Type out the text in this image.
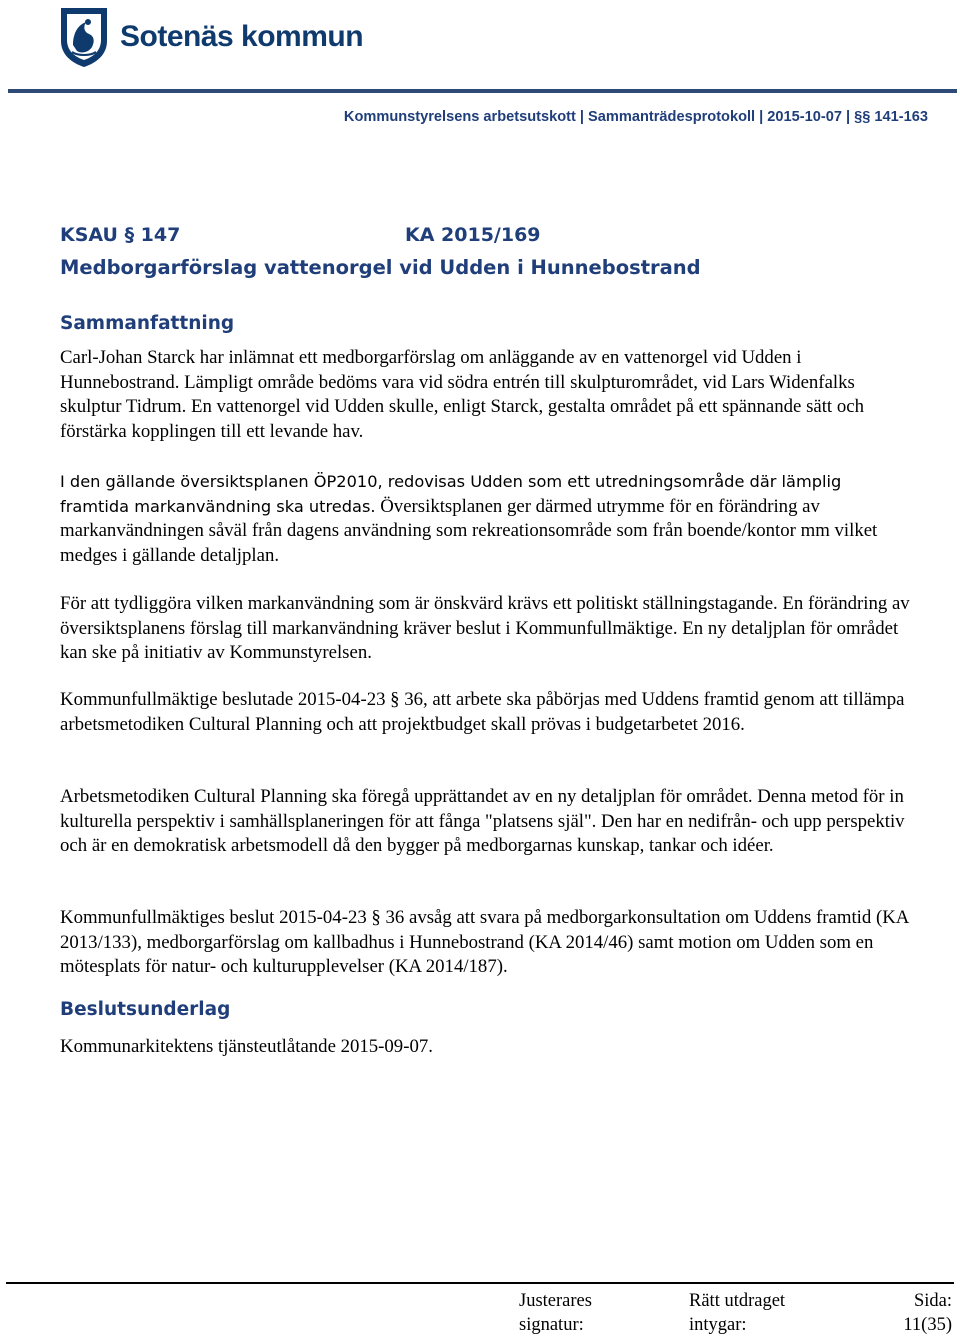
Sotenäs kommun
Kommunstyrelsens arbetsutskott | Sammanträdesprotokoll | 2015-10-07 | §§ 141-163
KSAU § 147	KA 2015/169
Medborgarförslag vattenorgel vid Udden i Hunnebostrand
Sammanfattning

Carl-Johan Starck har inlämnat ett medborgarförslag om anläggande av en vattenorgel vid Udden i Hunnebostrand. Lämpligt område bedöms vara vid södra entrén till skulpturområdet, vid Lars Widenfalks skulptur Tidrum. En vattenorgel vid Udden skulle, enligt Starck, gestalta området på ett spännande sätt och förstärka kopplingen till ett levande hav.

I den gällande översiktsplanen ÖP2010, redovisas Udden som ett utredningsområde där lämplig framtida markanvändning ska utredas. Översiktsplanen ger därmed utrymme för en förändring av markanvändningen såväl från dagens användning som rekreationsområde som från boende/kontor mm vilket medges i gällande detaljplan.

För att tydliggöra vilken markanvändning som är önskvärd krävs ett politiskt ställningstagande. En förändring av översiktsplanens förslag till markanvändning kräver beslut i Kommunfullmäktige. En ny detaljplan för området kan ske på initiativ av Kommunstyrelsen.

Kommunfullmäktige beslutade 2015-04-23 § 36, att arbete ska påbörjas med Uddens framtid genom att tillämpa arbetsmetodiken Cultural Planning och att projektbudget skall prövas i budgetarbetet 2016.

Arbetsmetodiken Cultural Planning ska föregå upprättandet av en ny detaljplan för området. Denna metod för in kulturella perspektiv i samhällsplaneringen för att fånga "platsens själ". Den har en nedifrån- och upp perspektiv och är en demokratisk arbetsmodell då den bygger på medborgarnas kunskap, tankar och idéer.

Kommunfullmäktiges beslut 2015-04-23 § 36 avsåg att svara på medborgarkonsultation om Uddens framtid (KA 2013/133), medborgarförslag om kallbadhus i Hunnebostrand (KA 2014/46) samt motion om Udden som en mötesplats för natur- och kulturupplevelser (KA 2014/187).

Beslutsunderlag

Kommunarkitektens tjänsteutlåtande 2015-09-07.

Justerares
signatur:
Rätt utdraget
intygar:
Sida:
11(35)
